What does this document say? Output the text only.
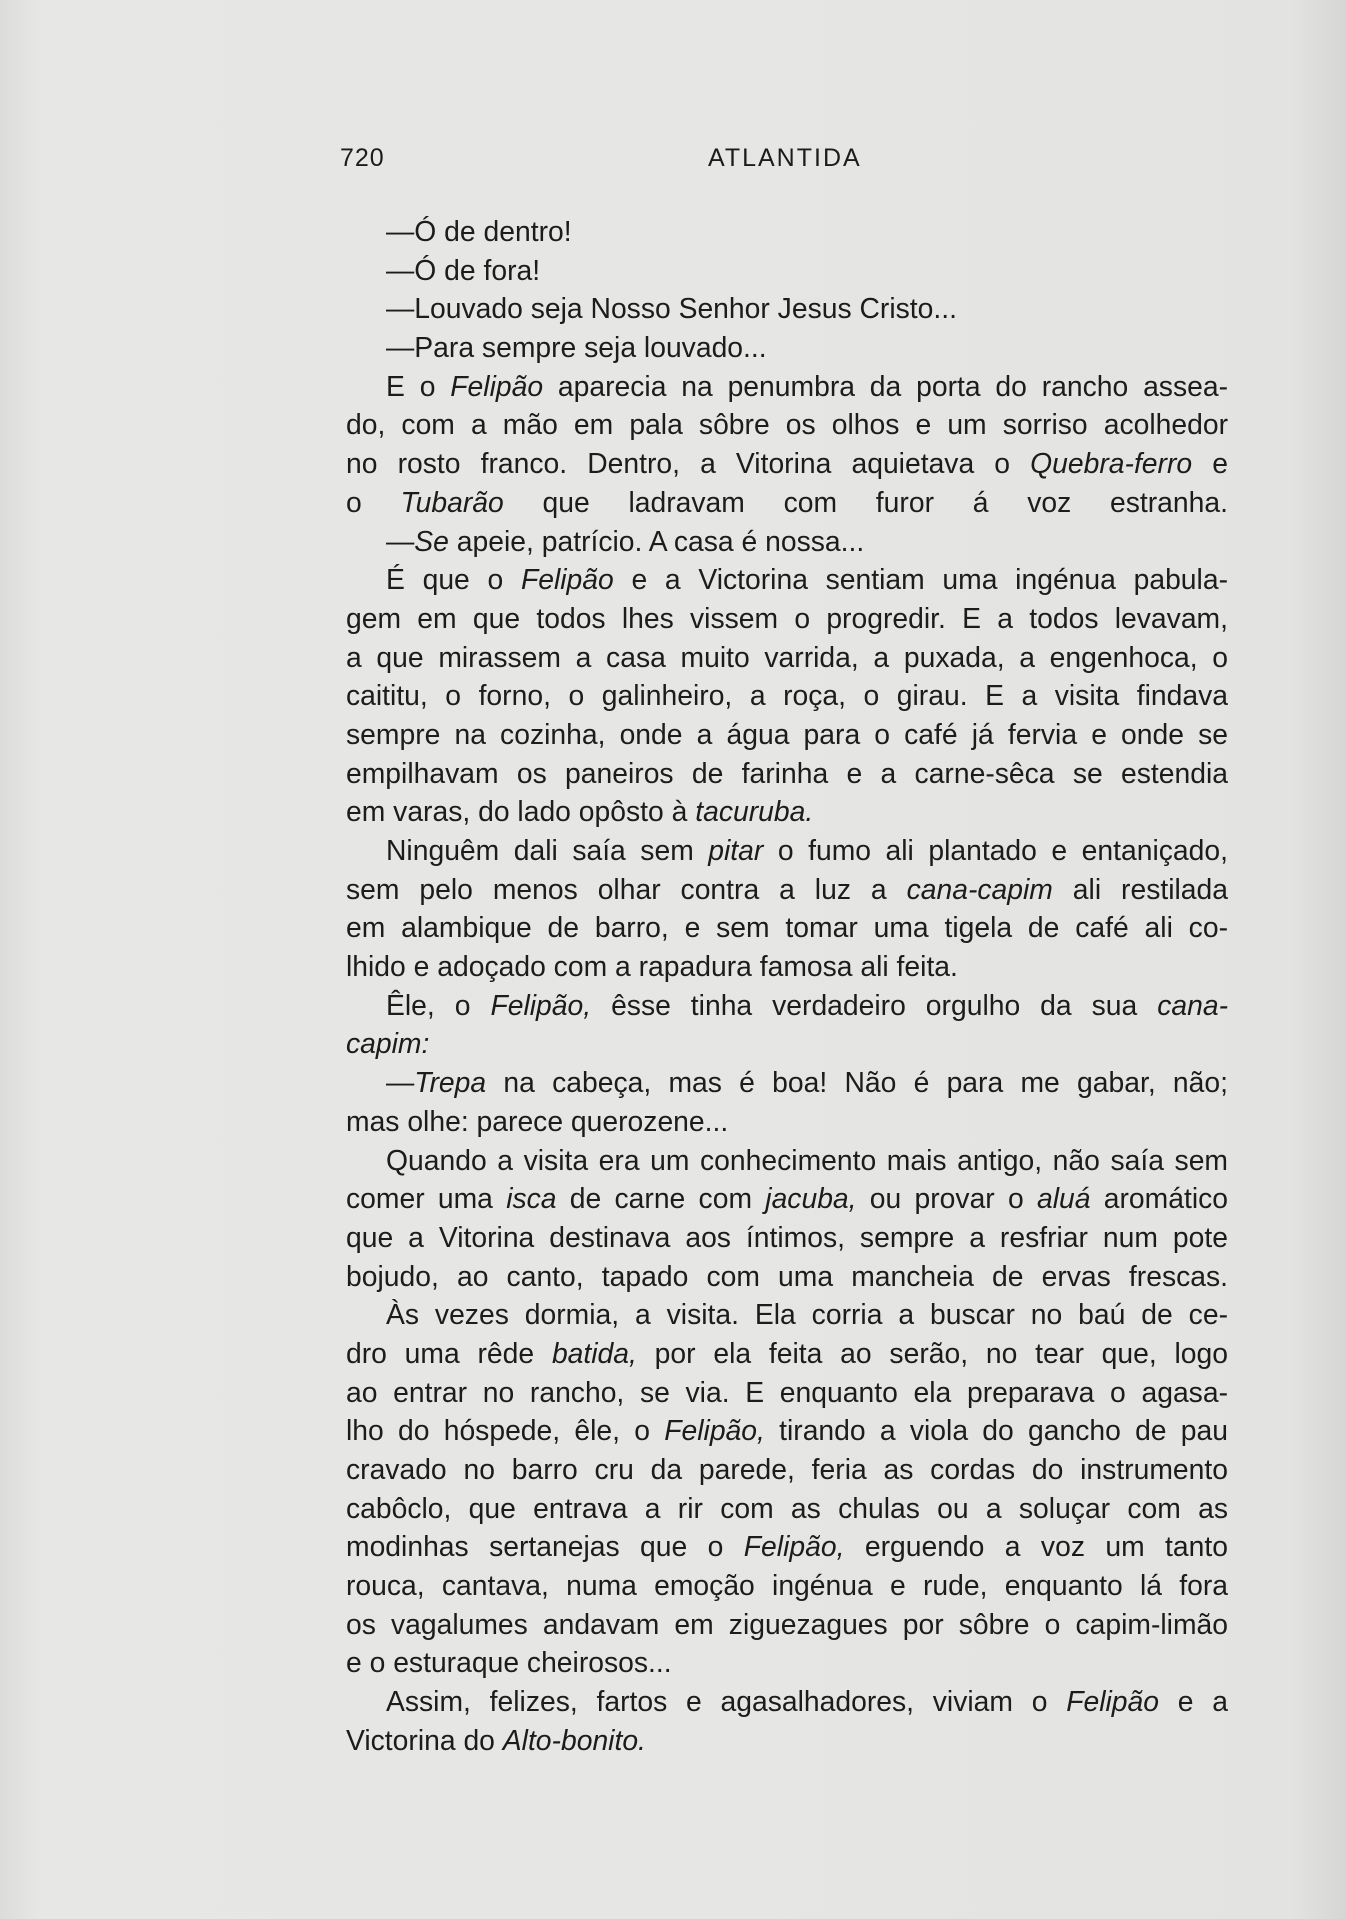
720	ATLANTIDA
—Ó de dentro!
—Ó de fora!
—Louvado seja Nosso Senhor Jesus Cristo...
—Para sempre seja louvado...
E o Felipão aparecia na penumbra da porta do rancho assea-
do, com a mão em pala sôbre os olhos e um sorriso acolhedor
no rosto franco. Dentro, a Vitorina aquietava o Quebra-ferro e
o Tubarão que ladravam com furor á voz estranha.
—Se apeie, patrício. A casa é nossa...
É que o Felipão e a Victorina sentiam uma ingénua pabula-
gem em que todos lhes vissem o progredir. E a todos levavam,
a que mirassem a casa muito varrida, a puxada, a engenhoca, o
caititu, o forno, o galinheiro, a roça, o girau. E a visita findava
sempre na cozinha, onde a água para o café já fervia e onde se
empilhavam os paneiros de farinha e a carne-sêca se estendia
em varas, do lado opôsto à tacuruba.
Ninguêm dali saía sem pitar o fumo ali plantado e entaniçado,
sem pelo menos olhar contra a luz a cana-capim ali restilada
em alambique de barro, e sem tomar uma tigela de café ali co-
lhido e adoçado com a rapadura famosa ali feita.
Êle, o Felipão, êsse tinha verdadeiro orgulho da sua cana-
capim:
—Trepa na cabeça, mas é boa! Não é para me gabar, não;
mas olhe: parece querozene...
Quando a visita era um conhecimento mais antigo, não saía sem
comer uma isca de carne com jacuba, ou provar o aluá aromático
que a Vitorina destinava aos íntimos, sempre a resfriar num pote
bojudo, ao canto, tapado com uma mancheia de ervas frescas.
Às vezes dormia, a visita. Ela corria a buscar no baú de ce-
dro uma rêde batida, por ela feita ao serão, no tear que, logo
ao entrar no rancho, se via. E enquanto ela preparava o agasa-
lho do hóspede, êle, o Felipão, tirando a viola do gancho de pau
cravado no barro cru da parede, feria as cordas do instrumento
cabôclo, que entrava a rir com as chulas ou a soluçar com as
modinhas sertanejas que o Felipão, erguendo a voz um tanto
rouca, cantava, numa emoção ingénua e rude, enquanto lá fora
os vagalumes andavam em ziguezagues por sôbre o capim-limão
e o esturaque cheirosos...
Assim, felizes, fartos e agasalhadores, viviam o Felipão e a
Victorina do Alto-bonito.
